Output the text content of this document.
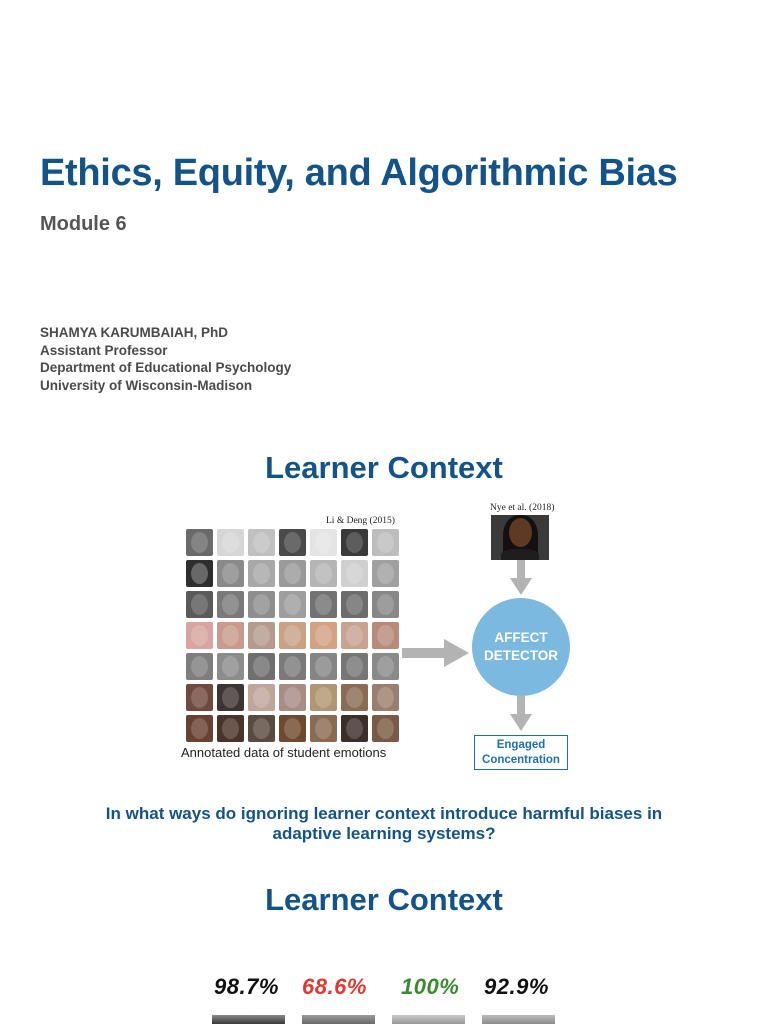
Ethics, Equity, and Algorithmic Bias
Module 6
SHAMYA KARUMBAIAH, PhD
Assistant Professor
Department of Educational Psychology
University of Wisconsin-Madison
Learner Context
Li & Deng (2015)
Nye et al. (2018)
Annotated data of student emotions
AFFECT
DETECTOR
Engaged
Concentration
In what ways do ignoring learner context introduce harmful biases in
adaptive learning systems?
Learner Context
98.7% 68.6% 100% 92.9%
